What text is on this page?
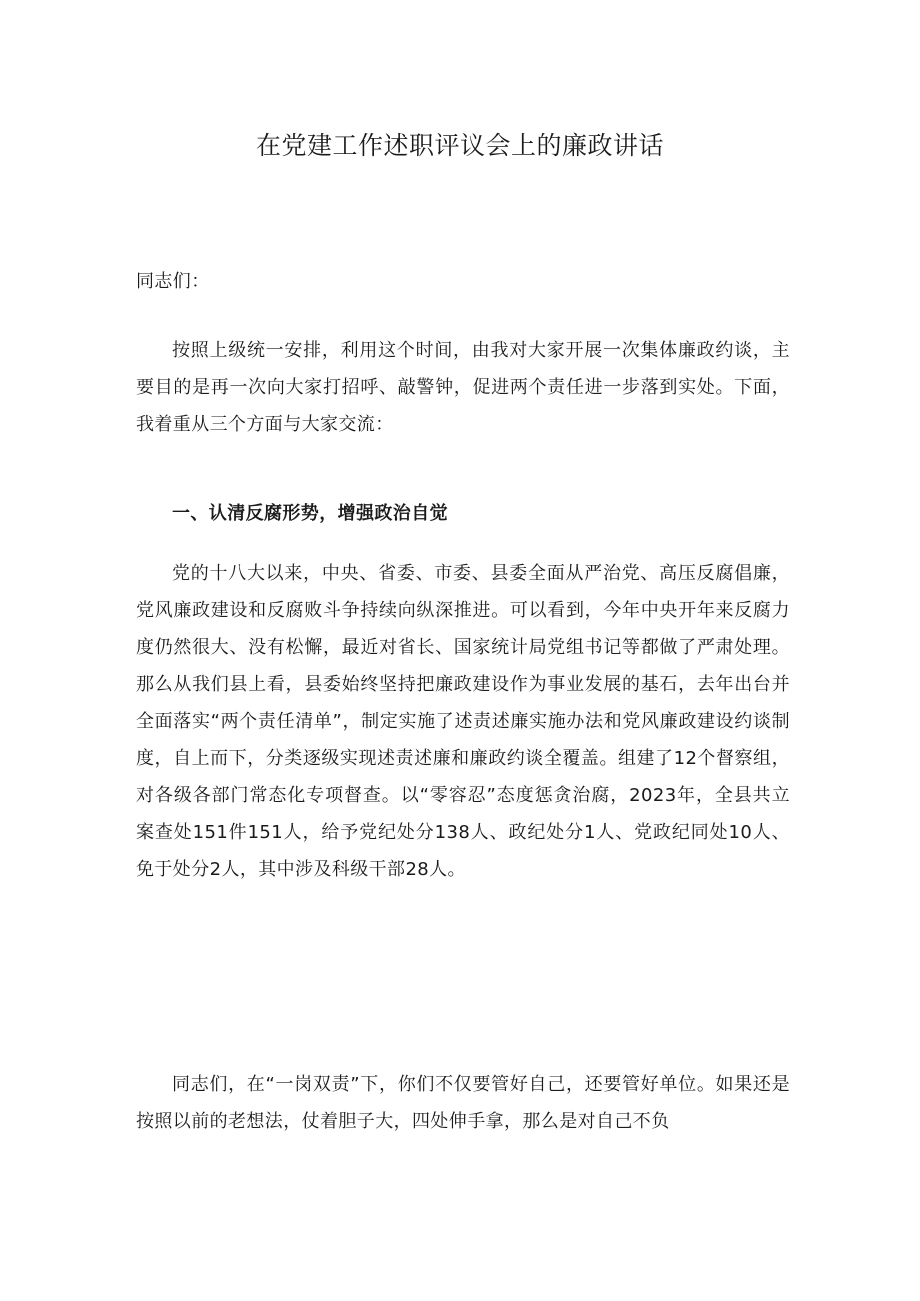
在党建工作述职评议会上的廉政讲话
同志们：
按照上级统一安排，利用这个时间，由我对大家开展一次集体廉政约谈，主要目的是再一次向大家打招呼、敲警钟，促进两个责任进一步落到实处。下面，我着重从三个方面与大家交流：
一、认清反腐形势，增强政治自觉
党的十八大以来，中央、省委、市委、县委全面从严治党、高压反腐倡廉，党风廉政建设和反腐败斗争持续向纵深推进。可以看到，今年中央开年来反腐力度仍然很大、没有松懈，最近对省长、国家统计局党组书记等都做了严肃处理。那么从我们县上看，县委始终坚持把廉政建设作为事业发展的基石，去年出台并全面落实“两个责任清单”，制定实施了述责述廉实施办法和党风廉政建设约谈制度，自上而下，分类逐级实现述责述廉和廉政约谈全覆盖。组建了12个督察组，对各级各部门常态化专项督查。以“零容忍”态度惩贪治腐，2023年，全县共立案查处151件151人，给予党纪处分138人、政纪处分1人、党政纪同处10人、免于处分2人，其中涉及科级干部28人。
同志们，在“一岗双责”下，你们不仅要管好自己，还要管好单位。如果还是按照以前的老想法，仗着胆子大，四处伸手拿，那么是对自己不负
